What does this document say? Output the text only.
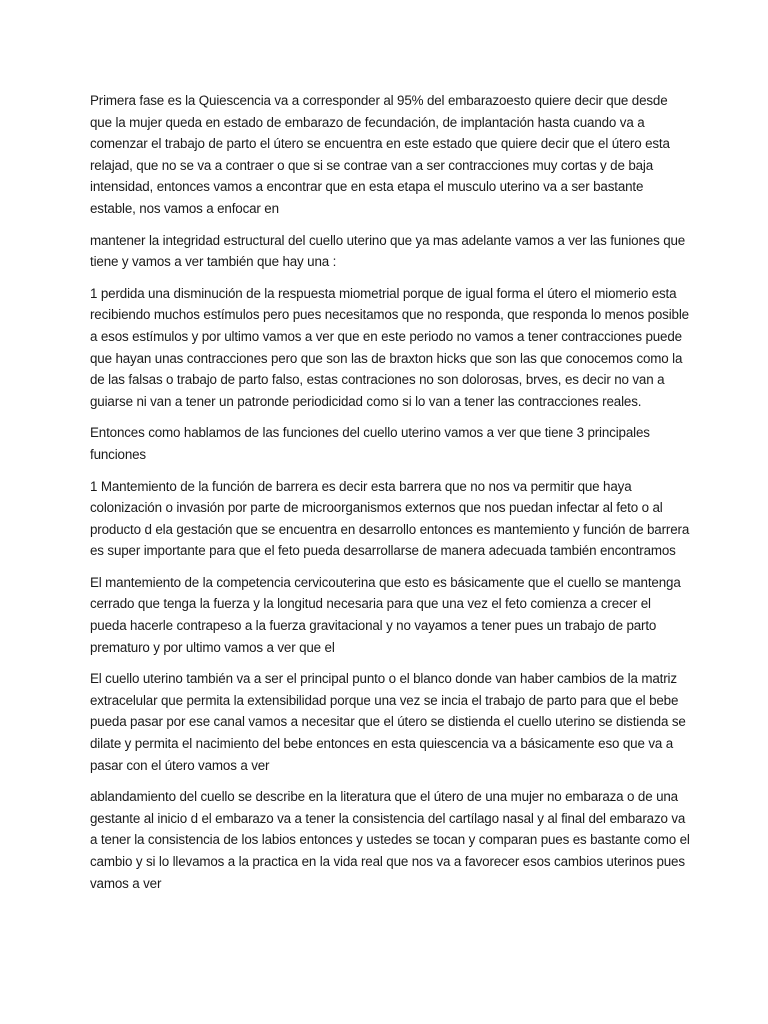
Primera fase es la Quiescencia va a corresponder al 95% del embarazoesto quiere decir que desde que la mujer queda en estado de embarazo de fecundación, de implantación hasta cuando va a comenzar el trabajo de parto el útero se encuentra en este estado que quiere decir que el útero esta relajad, que no se va a contraer o que si se contrae van a ser contracciones muy cortas y de baja intensidad, entonces vamos a encontrar que en esta etapa el musculo uterino va a ser bastante estable, nos vamos a enfocar en

mantener la integridad estructural del cuello uterino que ya mas adelante vamos a ver las funiones que tiene y vamos a ver también que hay una :

1 perdida una disminución de la respuesta miometrial porque de igual forma el útero el miomerio esta recibiendo muchos estímulos pero pues necesitamos que no responda, que responda lo menos posible a esos estímulos y por ultimo vamos a ver que en este periodo no vamos a tener contracciones puede que hayan unas contracciones pero que son las de braxton hicks que son las que conocemos como la de las falsas o trabajo de parto falso, estas contraciones no son dolorosas, brves, es decir no van a guiarse ni van a tener un patronde periodicidad como si lo van a tener las contracciones reales.

Entonces como hablamos de las funciones del cuello uterino vamos a ver que tiene 3 principales funciones

1 Mantemiento de la función de barrera es decir esta barrera que no nos va permitir que haya colonización o invasión por parte de microorganismos externos que nos puedan infectar al feto o al producto d ela gestación que se encuentra en desarrollo entonces es mantemiento y función de barrera es super importante para que el feto pueda desarrollarse de manera adecuada también encontramos

El mantemiento de la competencia cervicouterina que esto es básicamente que el cuello se mantenga cerrado que tenga la fuerza y la longitud necesaria para que una vez el feto comienza a crecer el pueda hacerle contrapeso a la fuerza gravitacional y no vayamos a tener pues un trabajo de parto prematuro y por ultimo vamos a ver que el

El cuello uterino también va a ser el principal punto o el blanco donde van haber cambios de la matriz extracelular que permita la extensibilidad porque una vez se incia el trabajo de parto para que el bebe pueda pasar por ese canal vamos a necesitar que el útero se distienda el cuello uterino se distienda se dilate y permita el nacimiento del bebe entonces en esta quiescencia va a básicamente eso que va a pasar con el útero vamos a ver

ablandamiento del cuello se describe en la literatura que el útero de una mujer no embaraza o de una gestante al inicio d el embarazo va a tener la consistencia del cartílago nasal y al final del embarazo va a tener la consistencia de los labios entonces y ustedes se tocan y comparan pues es bastante como el cambio y si lo llevamos a la practica en la vida real que nos va a favorecer esos cambios uterinos pues vamos a ver
